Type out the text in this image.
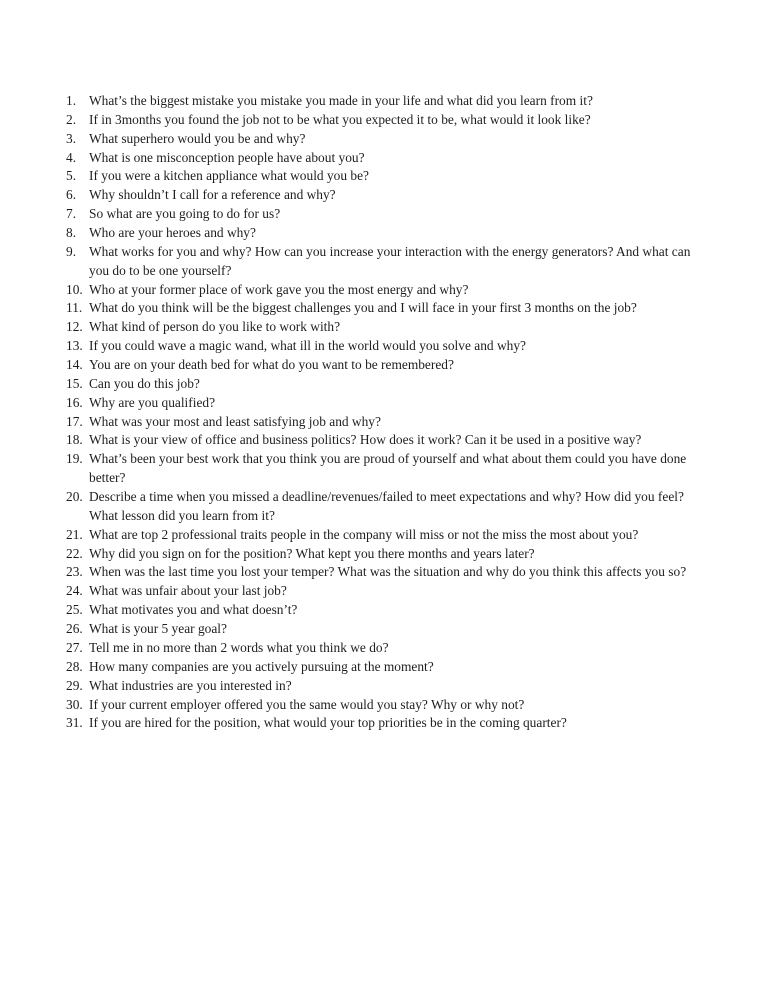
1. What’s the biggest mistake you mistake you made in your life and what did you learn from it?
2. If in 3months you found the job not to be what you expected it to be, what would it look like?
3. What superhero would you be and why?
4. What is one misconception people have about you?
5. If you were a kitchen appliance what would you be?
6. Why shouldn’t I call for a reference and why?
7. So what are you going to do for us?
8. Who are your heroes and why?
9. What works for you and why? How can you increase your interaction with the energy generators? And what can you do to be one yourself?
10. Who at your former place of work gave you the most energy and why?
11. What do you think will be the biggest challenges you and I will face in your first 3 months on the job?
12. What kind of person do you like to work with?
13. If you could wave a magic wand, what ill in the world would you solve and why?
14. You are on your death bed for what do you want to be remembered?
15. Can you do this job?
16. Why are you qualified?
17. What was your most and least satisfying job and why?
18. What is your view of office and business politics? How does it work? Can it be used in a positive way?
19. What’s been your best work that you think you are proud of yourself and what about them could you have done better?
20. Describe a time when you missed a deadline/revenues/failed to meet expectations and why? How did you feel? What lesson did you learn from it?
21. What are top 2 professional traits people in the company will miss or not the miss the most about you?
22. Why did you sign on for the position? What kept you there months and years later?
23. When was the last time you lost your temper? What was the situation and why do you think this affects you so?
24. What was unfair about your last job?
25. What motivates you and what doesn’t?
26. What is your 5 year goal?
27. Tell me in no more than 2 words what you think we do?
28. How many companies are you actively pursuing at the moment?
29. What industries are you interested in?
30. If your current employer offered you the same would you stay? Why or why not?
31. If you are hired for the position, what would your top priorities be in the coming quarter?
